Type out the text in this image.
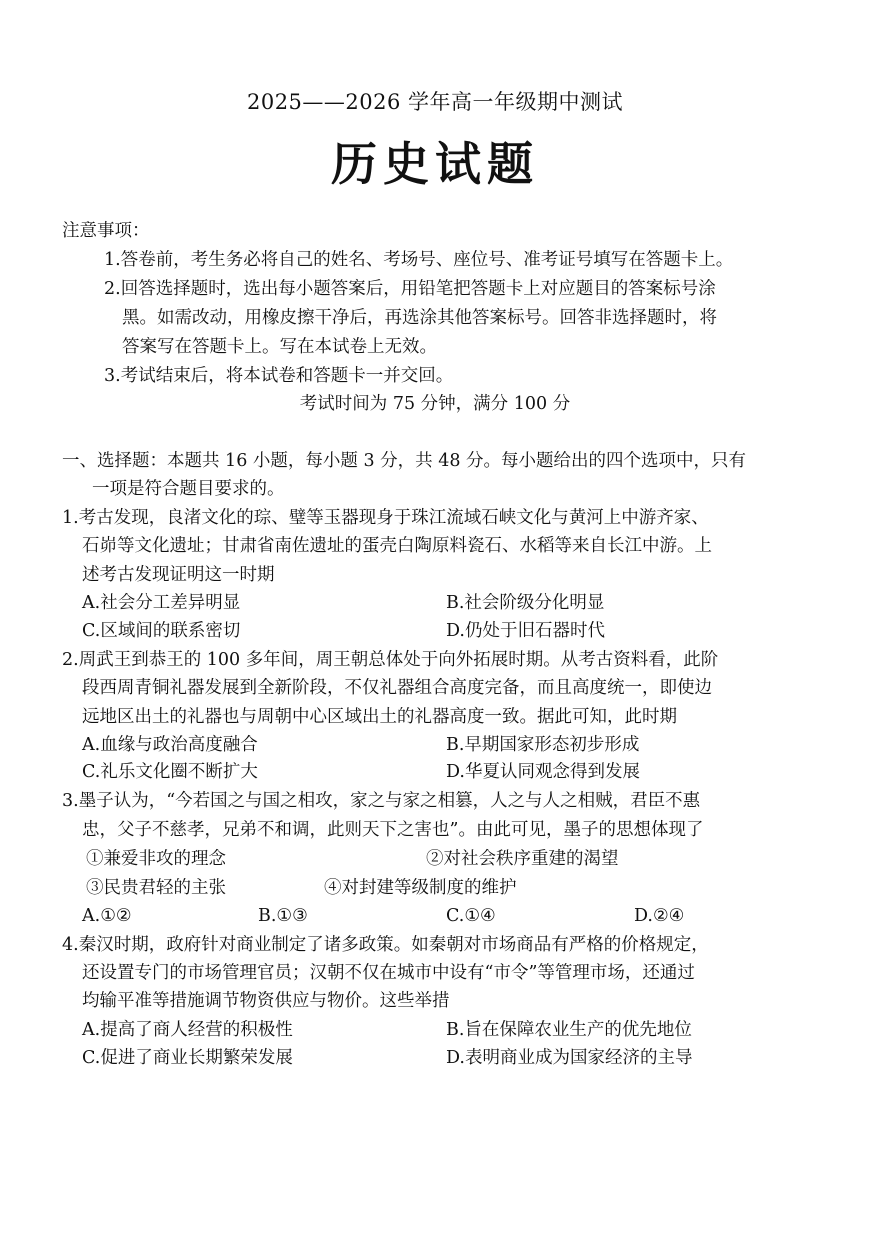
2025——2026 学年高一年级期中测试
历史试题
注意事项：
1.答卷前，考生务必将自己的姓名、考场号、座位号、准考证号填写在答题卡上。
2.回答选择题时，选出每小题答案后，用铅笔把答题卡上对应题目的答案标号涂
黑。如需改动，用橡皮擦干净后，再选涂其他答案标号。回答非选择题时，将
答案写在答题卡上。写在本试卷上无效。
3.考试结束后，将本试卷和答题卡一并交回。
考试时间为 75 分钟，满分 100 分
一、选择题：本题共 16 小题，每小题 3 分，共 48 分。每小题给出的四个选项中，只有
一项是符合题目要求的。
1.考古发现，良渚文化的琮、璧等玉器现身于珠江流域石峡文化与黄河上中游齐家、
石峁等文化遗址；甘肃省南佐遗址的蛋壳白陶原料瓷石、水稻等来自长江中游。上
述考古发现证明这一时期
A.社会分工差异明显	B.社会阶级分化明显
C.区域间的联系密切	D.仍处于旧石器时代
2.周武王到恭王的 100 多年间，周王朝总体处于向外拓展时期。从考古资料看，此阶
段西周青铜礼器发展到全新阶段，不仅礼器组合高度完备，而且高度统一，即使边
远地区出土的礼器也与周朝中心区域出土的礼器高度一致。据此可知，此时期
A.血缘与政治高度融合	B.早期国家形态初步形成
C.礼乐文化圈不断扩大	D.华夏认同观念得到发展
3.墨子认为，“今若国之与国之相攻，家之与家之相篡，人之与人之相贼，君臣不惠
忠，父子不慈孝，兄弟不和调，此则天下之害也”。由此可见，墨子的思想体现了
①兼爱非攻的理念	②对社会秩序重建的渴望
③民贵君轻的主张	④对封建等级制度的维护
A.①②	B.①③	C.①④	D.②④
4.秦汉时期，政府针对商业制定了诸多政策。如秦朝对市场商品有严格的价格规定，
还设置专门的市场管理官员；汉朝不仅在城市中设有“市令”等管理市场，还通过
均输平准等措施调节物资供应与物价。这些举措
A.提高了商人经营的积极性	B.旨在保障农业生产的优先地位
C.促进了商业长期繁荣发展	D.表明商业成为国家经济的主导
